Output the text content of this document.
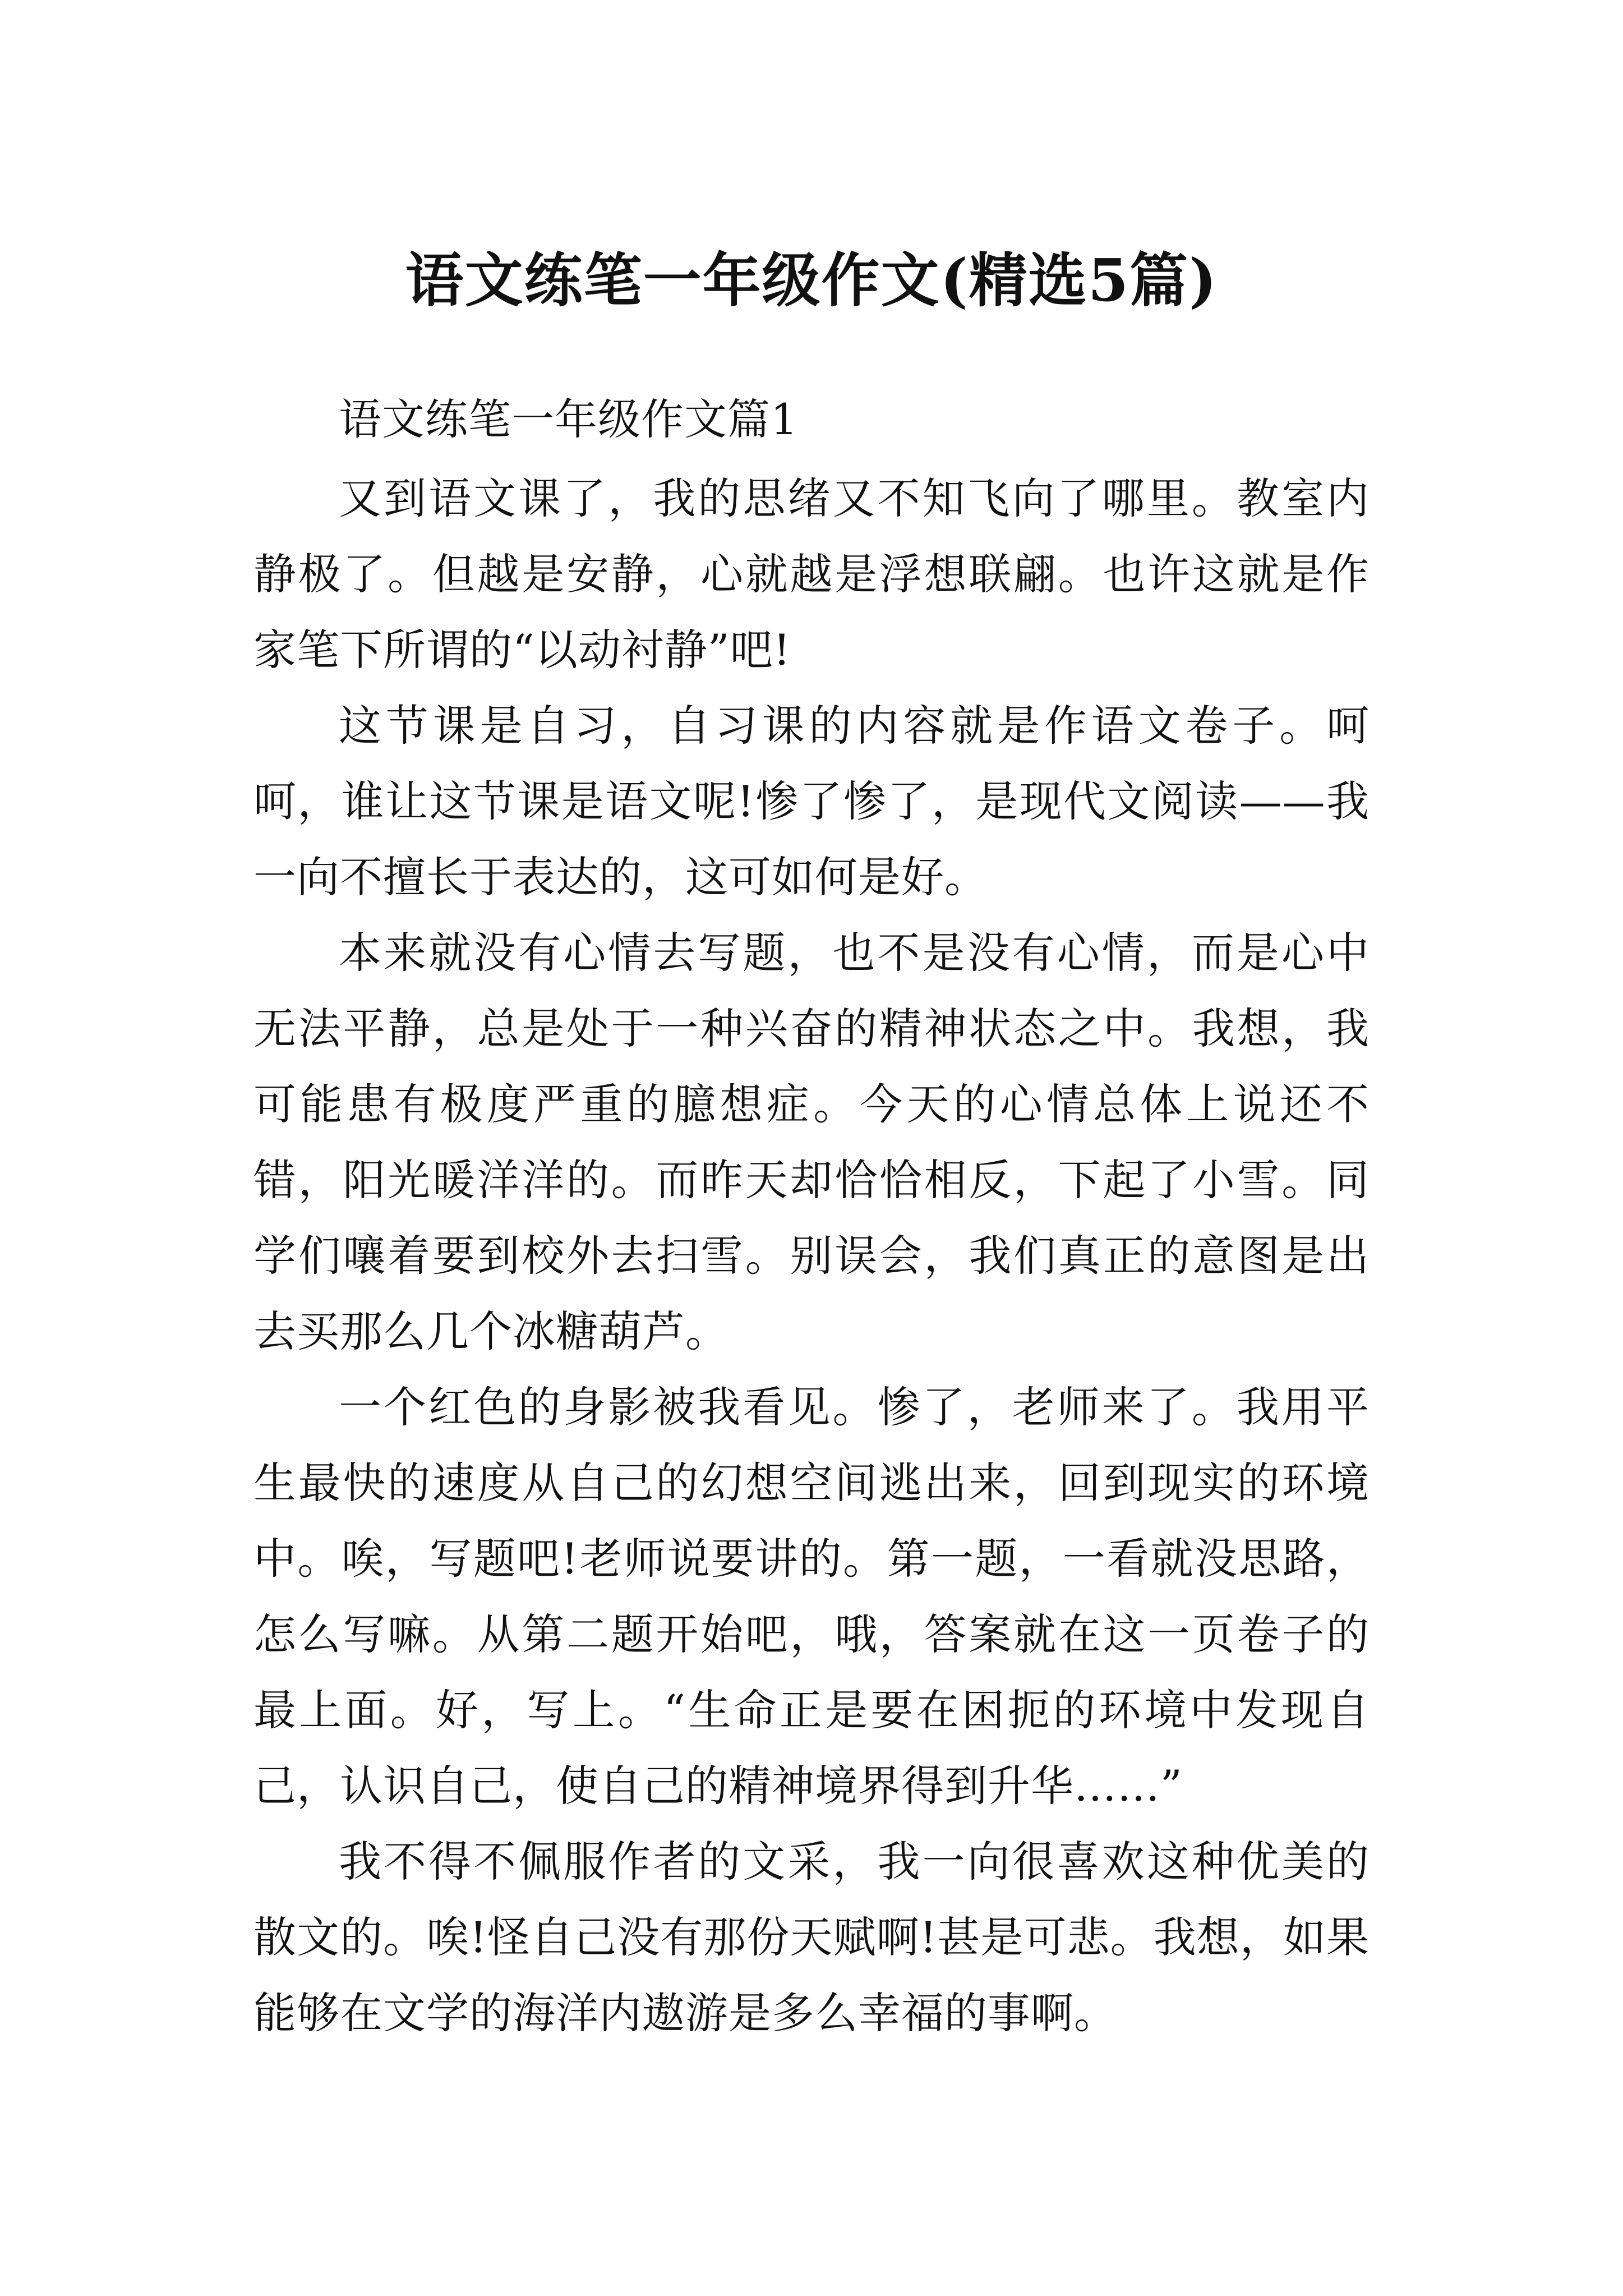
语文练笔一年级作文(精选5篇)

语文练笔一年级作文篇1

又到语文课了，我的思绪又不知飞向了哪里。教室内静极了。但越是安静，心就越是浮想联翩。也许这就是作家笔下所谓的“以动衬静”吧!

这节课是自习，自习课的内容就是作语文卷子。呵呵，谁让这节课是语文呢!惨了惨了，是现代文阅读——我一向不擅长于表达的，这可如何是好。

本来就没有心情去写题，也不是没有心情，而是心中无法平静，总是处于一种兴奋的精神状态之中。我想，我可能患有极度严重的臆想症。今天的心情总体上说还不错，阳光暖洋洋的。而昨天却恰恰相反，下起了小雪。同学们嚷着要到校外去扫雪。别误会，我们真正的意图是出去买那么几个冰糖葫芦。

一个红色的身影被我看见。惨了，老师来了。我用平生最快的速度从自己的幻想空间逃出来，回到现实的环境中。唉，写题吧!老师说要讲的。第一题，一看就没思路，怎么写嘛。从第二题开始吧，哦，答案就在这一页卷子的最上面。好，写上。“生命正是要在困扼的环境中发现自己，认识自己，使自己的精神境界得到升华……”

我不得不佩服作者的文采，我一向很喜欢这种优美的散文的。唉!怪自己没有那份天赋啊!甚是可悲。我想，如果能够在文学的海洋内遨游是多么幸福的事啊。
